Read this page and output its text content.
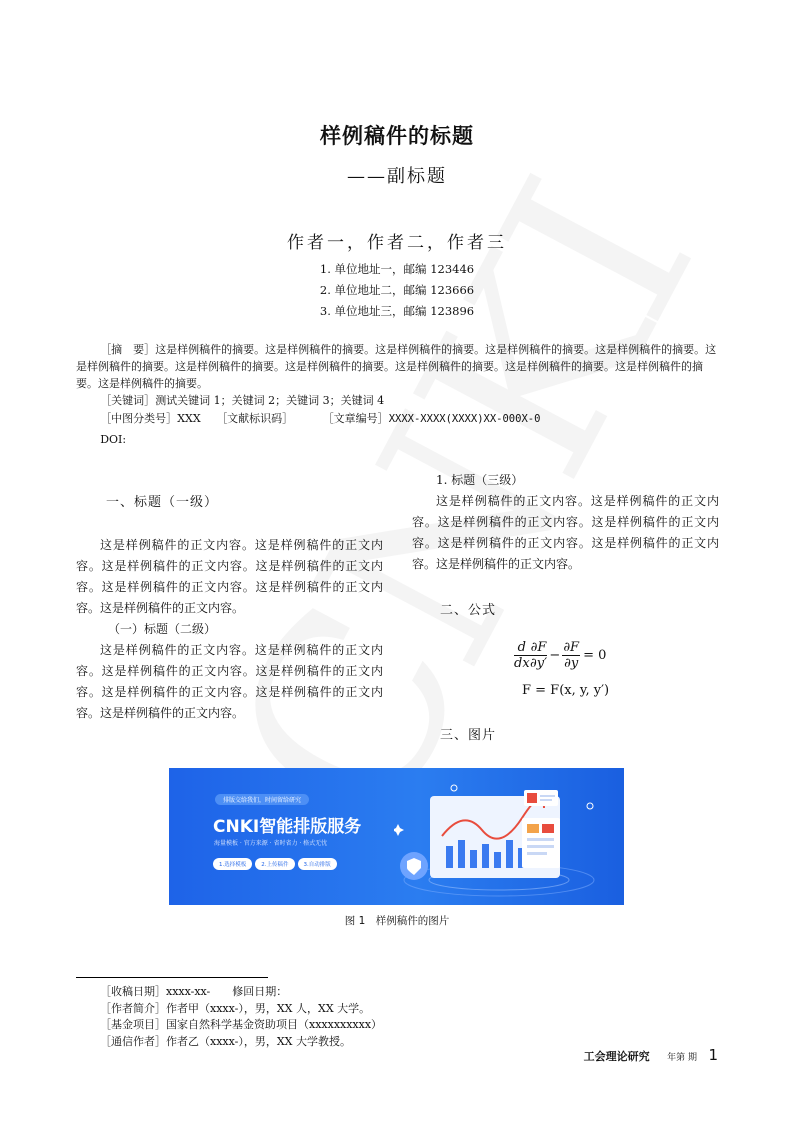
样例稿件的标题
——副标题
作者一，作者二，作者三
1. 单位地址一，邮编 123446
2. 单位地址二，邮编 123666
3. 单位地址三，邮编 123896

［摘　要］这是样例稿件的摘要。这是样例稿件的摘要。这是样例稿件的摘要。这是样例稿件的摘要。这是样例稿件的摘要。这是样例稿件的摘要。这是样例稿件的摘要。这是样例稿件的摘要。这是样例稿件的摘要。这是样例稿件的摘要。这是样例稿件的摘要。这是样例稿件的摘要。

［关键词］测试关键词 1；关键词 2；关键词 3；关键词 4

［中图分类号］XXX ［文献标识码］	［文章编号］XXXX-XXXX(XXXX)XX-000X-0

DOI:

一、标题（一级）

这是样例稿件的正文内容。这是样例稿件的正文内容。这是样例稿件的正文内容。这是样例稿件的正文内容。这是样例稿件的正文内容。这是样例稿件的正文内容。这是样例稿件的正文内容。

（一）标题（二级）

这是样例稿件的正文内容。这是样例稿件的正文内容。这是样例稿件的正文内容。这是样例稿件的正文内容。这是样例稿件的正文内容。这是样例稿件的正文内容。这是样例稿件的正文内容。

1. 标题（三级）

这是样例稿件的正文内容。这是样例稿件的正文内容。这是样例稿件的正文内容。这是样例稿件的正文内容。这是样例稿件的正文内容。这是样例稿件的正文内容。这是样例稿件的正文内容。

二、公式
$\frac{d}{dx} \frac{\partial F}{\partial y'} - \frac{\partial F}{\partial y} = 0$
F = F(x, y, y′)
三、图片
排版交给我们，时间留给研究
CNKI智能排版服务
海量模板 · 官方来源 · 省时省力 · 格式无忧
1.选择模板	2.上传稿件	3.自动排版
图 1　样例稿件的图片
［收稿日期］xxxx-xx-　　修回日期：
［作者简介］作者甲（xxxx-），男，XX 人，XX 大学。
［基金项目］国家自然科学基金资助项目（xxxxxxxxxx）
［通信作者］作者乙（xxxx-），男，XX 大学教授。
工会理论研究 年第 期 1
